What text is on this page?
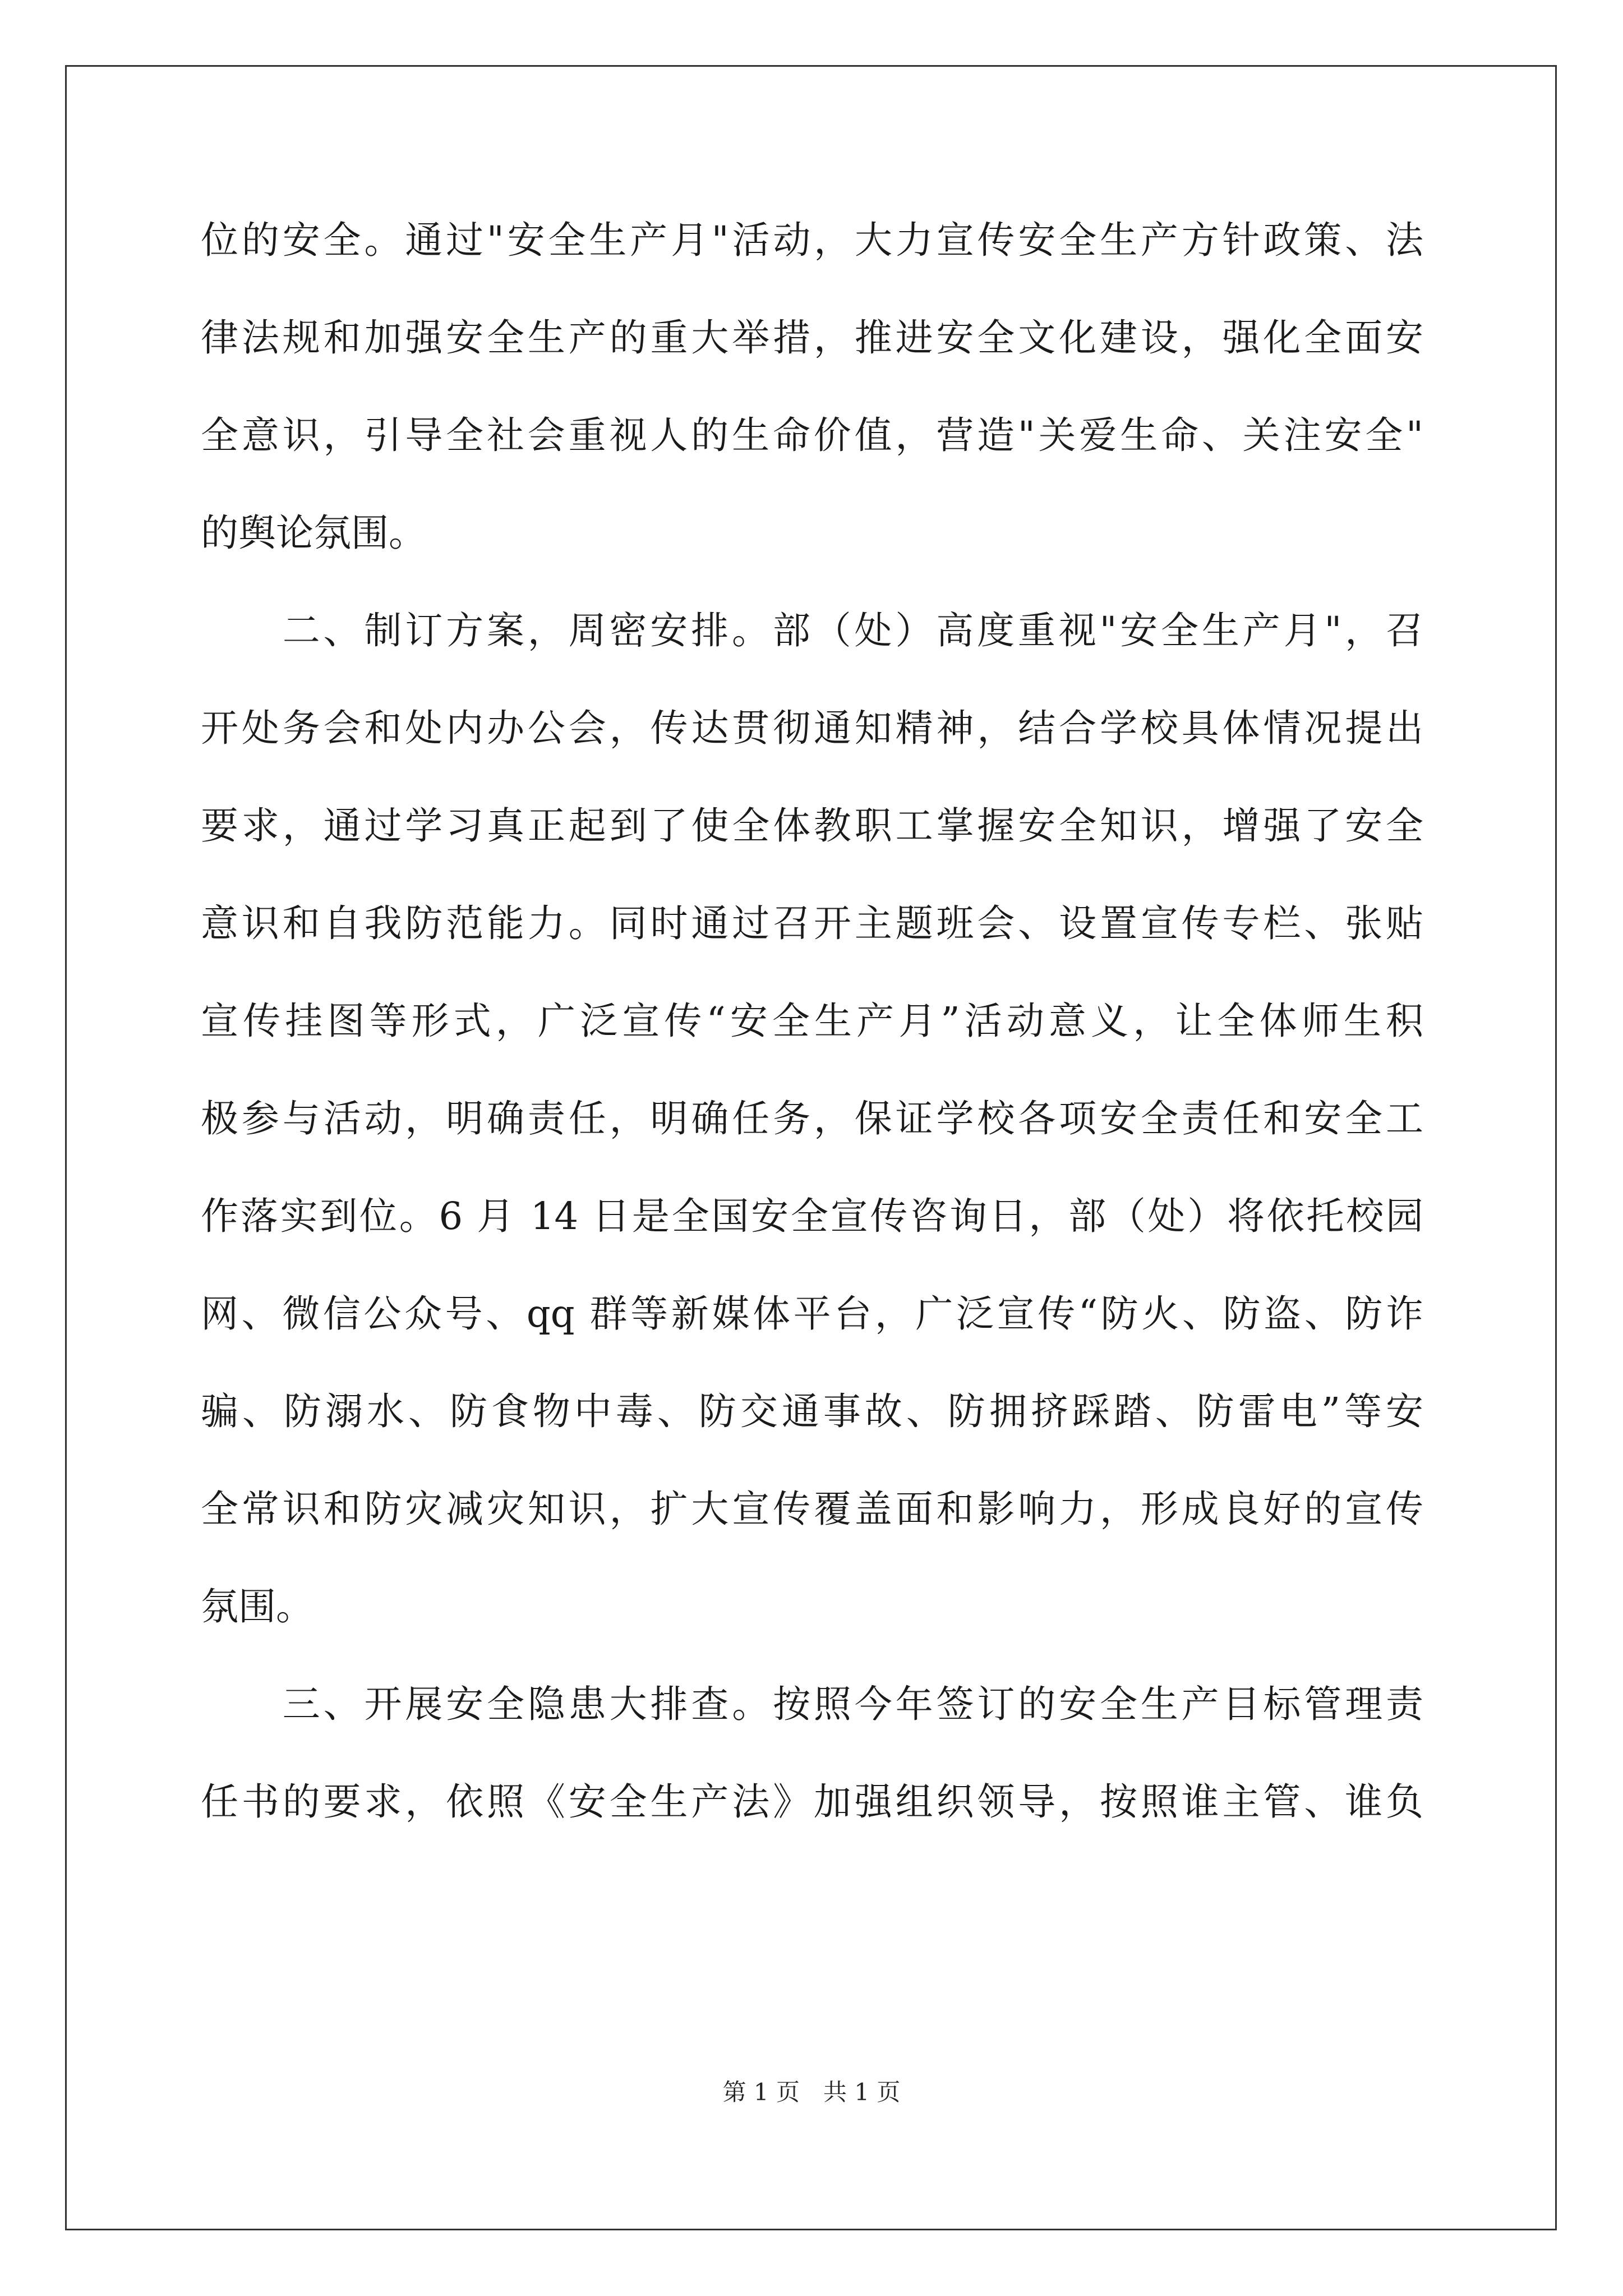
位的安全。通过"安全生产月"活动，大力宣传安全生产方针政策、法
律法规和加强安全生产的重大举措，推进安全文化建设，强化全面安
全意识，引导全社会重视人的生命价值，营造"关爱生命、关注安全"
的舆论氛围。
　　二、制订方案，周密安排。部（处）高度重视"安全生产月"，召
开处务会和处内办公会，传达贯彻通知精神，结合学校具体情况提出
要求，通过学习真正起到了使全体教职工掌握安全知识，增强了安全
意识和自我防范能力。同时通过召开主题班会、设置宣传专栏、张贴
宣传挂图等形式，广泛宣传“安全生产月”活动意义，让全体师生积
极参与活动，明确责任，明确任务，保证学校各项安全责任和安全工
作落实到位。6 月 14 日是全国安全宣传咨询日，部（处）将依托校园
网、微信公众号、qq 群等新媒体平台，广泛宣传“防火、防盗、防诈
骗、防溺水、防食物中毒、防交通事故、防拥挤踩踏、防雷电”等安
全常识和防灾减灾知识，扩大宣传覆盖面和影响力，形成良好的宣传
氛围。
　　三、开展安全隐患大排查。按照今年签订的安全生产目标管理责
任书的要求，依照《安全生产法》加强组织领导，按照谁主管、谁负
第 1 页　共 1 页
